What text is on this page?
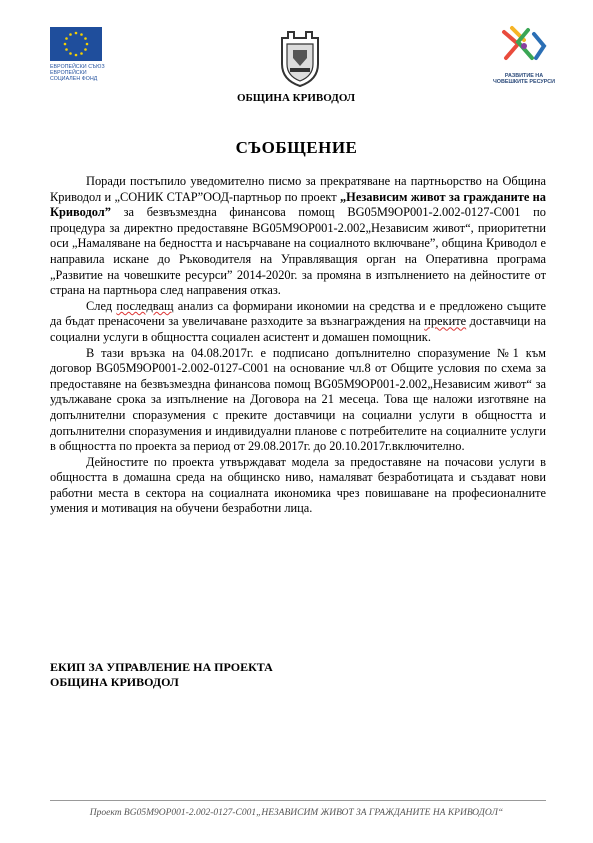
ЕВРОПЕЙСКИ СЪЮЗ
ЕВРОПЕЙСКИ
СОЦИАЛЕН ФОНД
ОБЩИНА КРИВОДОЛ
РАЗВИТИЕ НА
ЧОВЕШКИТЕ РЕСУРСИ
СЪОБЩЕНИЕ

Поради постъпило уведомително писмо за прекратяване на партньорство на Община Криводол и „СОНИК СТАР”ООД-партньор по проект „Независим живот за гражданите на Криводол” за безвъзмездна финансова помощ BG05M9OP001-2.002-0127-C001 по процедура за директно предоставяне BG05M9OP001-2.002„Независим живот“, приоритетни оси „Намаляване на бедността и насърчаване на социалното включване”, община Криводол е направила искане до Ръководителя на Управляващия орган на Оперативна програма „Развитие на човешките ресурси” 2014-2020г. за промяна в изпълнението на дейностите от страна на партньора след направения отказ.

След последващ анализ са формирани икономии на средства и е предложено същите да бъдат пренасочени за увеличаване разходите за възнаграждения на преките доставчици на социални услуги в общността социален асистент и домашен помощник.

В тази връзка на 04.08.2017г. е подписано допълнително споразумение №1 към договор BG05M9OP001-2.002-0127-C001 на основание чл.8 от Общите условия по схема за предоставяне на безвъзмездна финансова помощ BG05M9OP001-2.002„Независим живот“ за удължаване срока за изпълнение на Договора на 21 месеца. Това ще наложи изготвяне на допълнителни споразумения с преките доставчици на социални услуги в общността и допълнителни споразумения и индивидуални планове с потребителите на социалните услуги в общността по проекта за период от 29.08.2017г. до 20.10.2017г.включително.

Дейностите по проекта утвърждават модела за предоставяне на почасови услуги в общността в домашна среда на общинско ниво, намаляват безработицата и създават нови работни места в сектора на социалната икономика чрез повишаване на професионалните умения и мотивация на обучени безработни лица.

ЕКИП ЗА УПРАВЛЕНИЕ НА ПРОЕКТА
ОБЩИНА КРИВОДОЛ
Проект BG05M9OP001-2.002-0127-C001„НЕЗАВИСИМ ЖИВОТ ЗА ГРАЖДАНИТЕ НА КРИВОДОЛ“
